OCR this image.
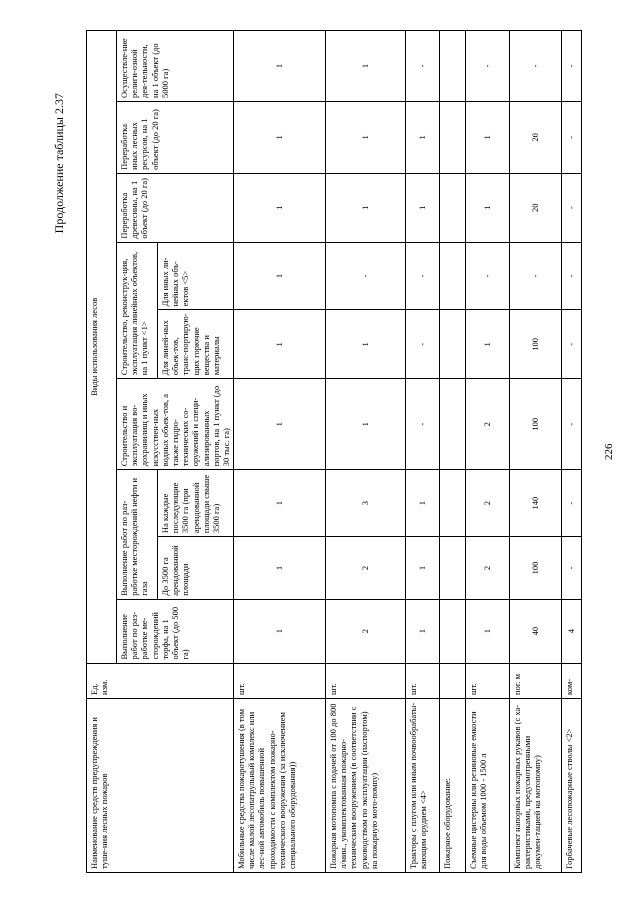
Продолжение таблицы 2.37
Наименование средств предупреждения и туше-ния лесных пожаров	Ед. изм.	Виды использования лесов								
		Выполнение работ по раз-работке ме-сторождений торфа, на 1 объект (до 500 га)	Выполнение работ по раз-работке месторождений нефти и газа		Строительство и эксплуатация во-дохранилищ и иных искусствен-ных водных объек-тов, а также гидро-технических со-оружений и специ-ализированных портов, на 1 пункт (до 30 тыс. га)	Строительство, реконструк-ция, эксплуатация линейных объектов, на 1 пункт <1>		Переработка древесины, на 1 объект (до 20 га)	Переработка иных лесных ресурсов, на 1 объект (до 20 га)	Осуществле-ние религи-озной дея-тельности, на 1 объект (до 5000 га)
			До 3500 га арендованной площади	На каждые последующие 3500 га (при арендованной площади свыше 3500 га)		Для линей-ных объек-тов, транс-портирую-щих горючие вещества и материалы	Для иных ли-нейных объ-ектов <5>			
Мобильные средства пожаротушения (в том числе малой лесопатрульный комплекс или лес-ной автомобиль повышенной проходимости с комплектом пожарно-технического вооружения (за исключением специального оборудования))	шт.	1	1	1	1	1	1	1	1	1
Пожарная мотопомпа с подачей от 100 до 800 л/мин., укомплектованная пожарно-техническим вооружением (в соответствии с руководством по эксплуатации (паспортом) на пожарную мото-помпу)	шт.	2	2	3	1	1	-	1	1	1
Тракторы с плугом или иным почвообрабаты-вающим орудием <4>	шт.	1	1	1	-	-	-	1	1	-
Пожарное оборудование:										
Съемные цистерны или резиновые емкости для воды объемом 1000 - 1500 л	шт.	1	2	2	2	1	-	1	1	-
Комплект напорных пожарных рукавов (с ха-рактеристиками, предусмотренными докумен-тацией на мотопомпу)	пог. м	40	100	140	100	100	-	20	20	-
Горбачевые лесопожарные стволы <2>	ком-	4	-	-	-	-	-	-	-	-
226
